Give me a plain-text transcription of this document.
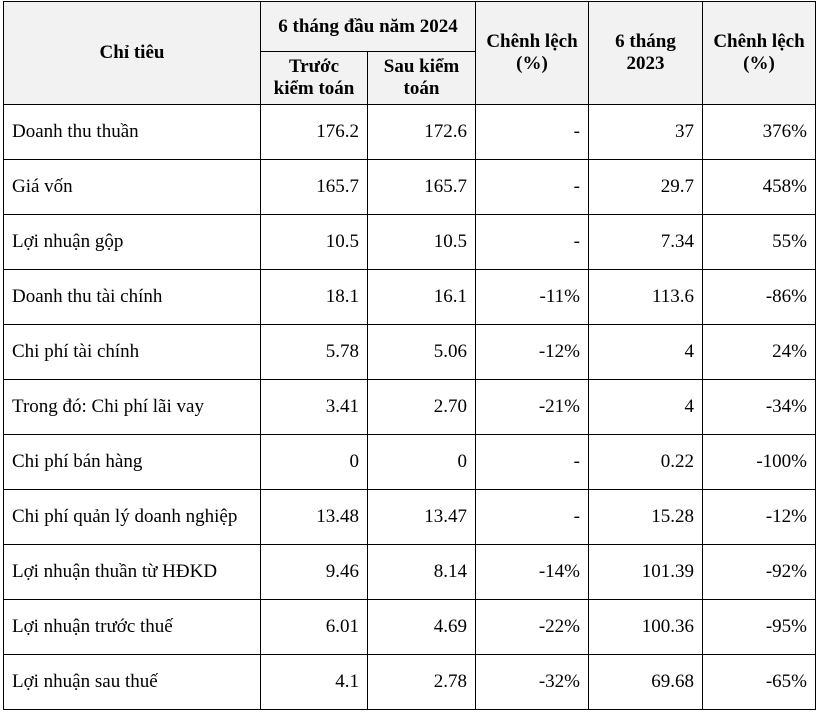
Chỉ tiêu	6 tháng đầu năm 2024		Chênh lệch (%)	6 tháng 2023	Chênh lệch (%)
	Trước kiểm toán	Sau kiểm toán			
Doanh thu thuần	176.2	172.6	-	37	376%
Giá vốn	165.7	165.7	-	29.7	458%
Lợi nhuận gộp	10.5	10.5	-	7.34	55%
Doanh thu tài chính	18.1	16.1	-11%	113.6	-86%
Chi phí tài chính	5.78	5.06	-12%	4	24%
Trong đó: Chi phí lãi vay	3.41	2.70	-21%	4	-34%
Chi phí bán hàng	0	0	-	0.22	-100%
Chi phí quản lý doanh nghiệp	13.48	13.47	-	15.28	-12%
Lợi nhuận thuần từ HĐKD	9.46	8.14	-14%	101.39	-92%
Lợi nhuận trước thuế	6.01	4.69	-22%	100.36	-95%
Lợi nhuận sau thuế	4.1	2.78	-32%	69.68	-65%
